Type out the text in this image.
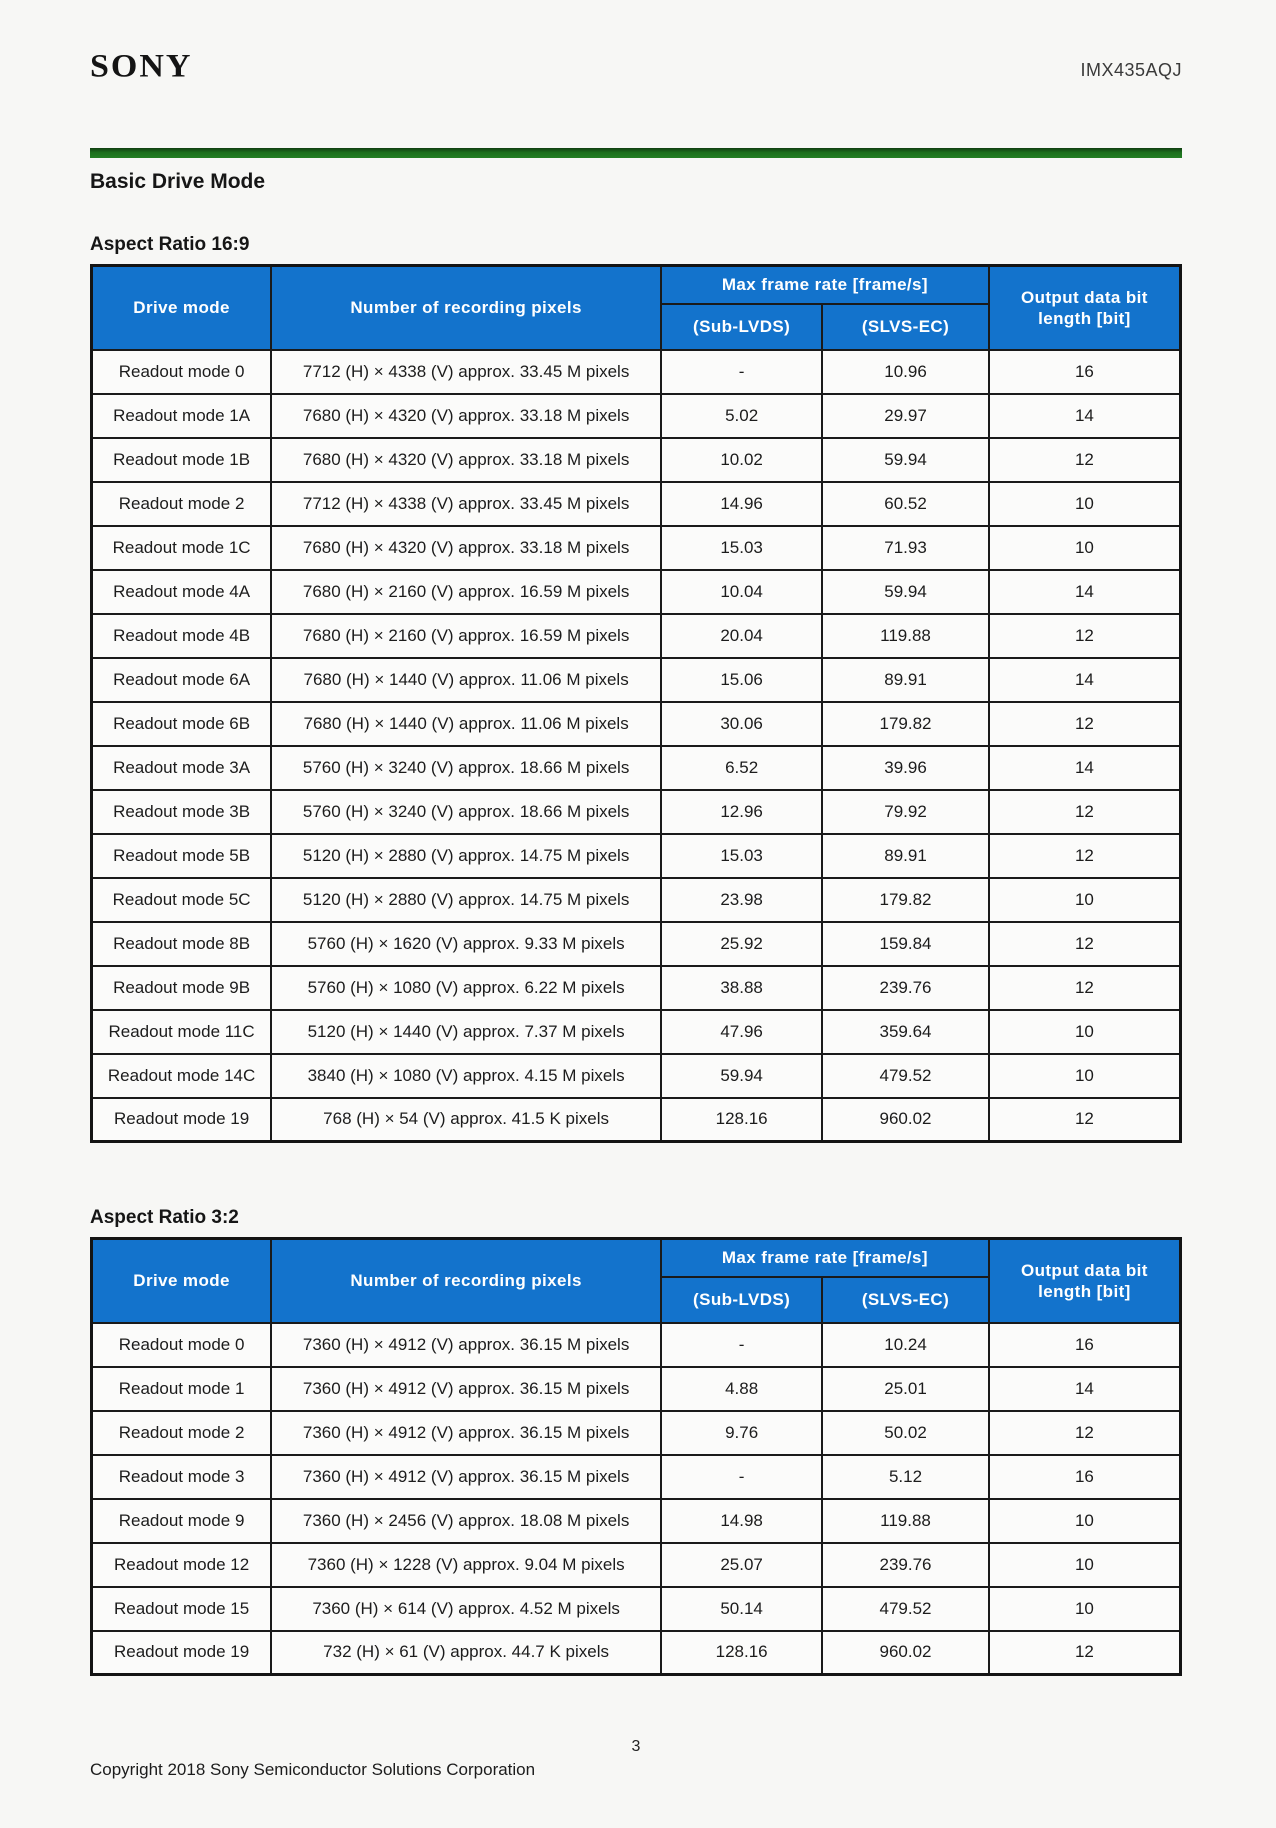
SONY	IMX435AQJ
Basic Drive Mode
Aspect Ratio 16:9
Drive mode	Number of recording pixels	Max frame rate [frame/s]		Output data bit length [bit]
		(Sub-LVDS)	(SLVS-EC)	
Readout mode 0	7712 (H) × 4338 (V) approx. 33.45 M pixels	-	10.96	16
Readout mode 1A	7680 (H) × 4320 (V) approx. 33.18 M pixels	5.02	29.97	14
Readout mode 1B	7680 (H) × 4320 (V) approx. 33.18 M pixels	10.02	59.94	12
Readout mode 2	7712 (H) × 4338 (V) approx. 33.45 M pixels	14.96	60.52	10
Readout mode 1C	7680 (H) × 4320 (V) approx. 33.18 M pixels	15.03	71.93	10
Readout mode 4A	7680 (H) × 2160 (V) approx. 16.59 M pixels	10.04	59.94	14
Readout mode 4B	7680 (H) × 2160 (V) approx. 16.59 M pixels	20.04	119.88	12
Readout mode 6A	7680 (H) × 1440 (V) approx. 11.06 M pixels	15.06	89.91	14
Readout mode 6B	7680 (H) × 1440 (V) approx. 11.06 M pixels	30.06	179.82	12
Readout mode 3A	5760 (H) × 3240 (V) approx. 18.66 M pixels	6.52	39.96	14
Readout mode 3B	5760 (H) × 3240 (V) approx. 18.66 M pixels	12.96	79.92	12
Readout mode 5B	5120 (H) × 2880 (V) approx. 14.75 M pixels	15.03	89.91	12
Readout mode 5C	5120 (H) × 2880 (V) approx. 14.75 M pixels	23.98	179.82	10
Readout mode 8B	5760 (H) × 1620 (V) approx. 9.33 M pixels	25.92	159.84	12
Readout mode 9B	5760 (H) × 1080 (V) approx. 6.22 M pixels	38.88	239.76	12
Readout mode 11C	5120 (H) × 1440 (V) approx. 7.37 M pixels	47.96	359.64	10
Readout mode 14C	3840 (H) × 1080 (V) approx. 4.15 M pixels	59.94	479.52	10
Readout mode 19	768 (H) × 54 (V) approx. 41.5 K pixels	128.16	960.02	12
Aspect Ratio 3:2
Drive mode	Number of recording pixels	Max frame rate [frame/s]		Output data bit length [bit]
		(Sub-LVDS)	(SLVS-EC)	
Readout mode 0	7360 (H) × 4912 (V) approx. 36.15 M pixels	-	10.24	16
Readout mode 1	7360 (H) × 4912 (V) approx. 36.15 M pixels	4.88	25.01	14
Readout mode 2	7360 (H) × 4912 (V) approx. 36.15 M pixels	9.76	50.02	12
Readout mode 3	7360 (H) × 4912 (V) approx. 36.15 M pixels	-	5.12	16
Readout mode 9	7360 (H) × 2456 (V) approx. 18.08 M pixels	14.98	119.88	10
Readout mode 12	7360 (H) × 1228 (V) approx. 9.04 M pixels	25.07	239.76	10
Readout mode 15	7360 (H) × 614 (V) approx. 4.52 M pixels	50.14	479.52	10
Readout mode 19	732 (H) × 61 (V) approx. 44.7 K pixels	128.16	960.02	12
3
Copyright 2018 Sony Semiconductor Solutions Corporation
